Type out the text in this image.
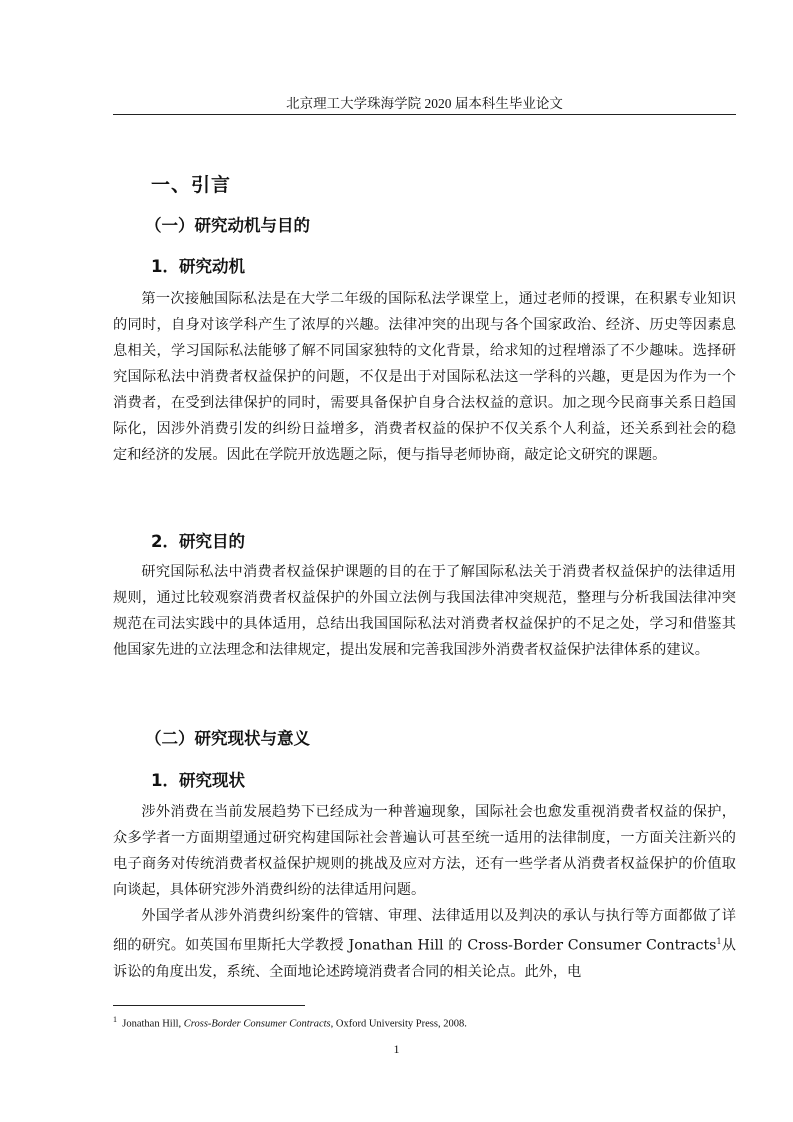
北京理工大学珠海学院 2020 届本科生毕业论文
一、引言
（一）研究动机与目的
1．研究动机

第一次接触国际私法是在大学二年级的国际私法学课堂上，通过老师的授课，在积累专业知识的同时，自身对该学科产生了浓厚的兴趣。法律冲突的出现与各个国家政治、经济、历史等因素息息相关，学习国际私法能够了解不同国家独特的文化背景，给求知的过程增添了不少趣味。选择研究国际私法中消费者权益保护的问题，不仅是出于对国际私法这一学科的兴趣，更是因为作为一个消费者，在受到法律保护的同时，需要具备保护自身合法权益的意识。加之现今民商事关系日趋国际化，因涉外消费引发的纠纷日益增多，消费者权益的保护不仅关系个人利益，还关系到社会的稳定和经济的发展。因此在学院开放选题之际，便与指导老师协商，敲定论文研究的课题。

2．研究目的

研究国际私法中消费者权益保护课题的目的在于了解国际私法关于消费者权益保护的法律适用规则，通过比较观察消费者权益保护的外国立法例与我国法律冲突规范，整理与分析我国法律冲突规范在司法实践中的具体适用，总结出我国国际私法对消费者权益保护的不足之处，学习和借鉴其他国家先进的立法理念和法律规定，提出发展和完善我国涉外消费者权益保护法律体系的建议。

（二）研究现状与意义
1．研究现状

涉外消费在当前发展趋势下已经成为一种普遍现象，国际社会也愈发重视消费者权益的保护，众多学者一方面期望通过研究构建国际社会普遍认可甚至统一适用的法律制度，一方面关注新兴的电子商务对传统消费者权益保护规则的挑战及应对方法，还有一些学者从消费者权益保护的价值取向谈起，具体研究涉外消费纠纷的法律适用问题。

外国学者从涉外消费纠纷案件的管辖、审理、法律适用以及判决的承认与执行等方面都做了详细的研究。如英国布里斯托大学教授 Jonathan Hill 的 Cross-Border Consumer Contracts$^1$从诉讼的角度出发，系统、全面地论述跨境消费者合同的相关论点。此外，电

$^1$ Jonathan Hill, Cross-Border Consumer Contracts, Oxford University Press, 2008.
1
